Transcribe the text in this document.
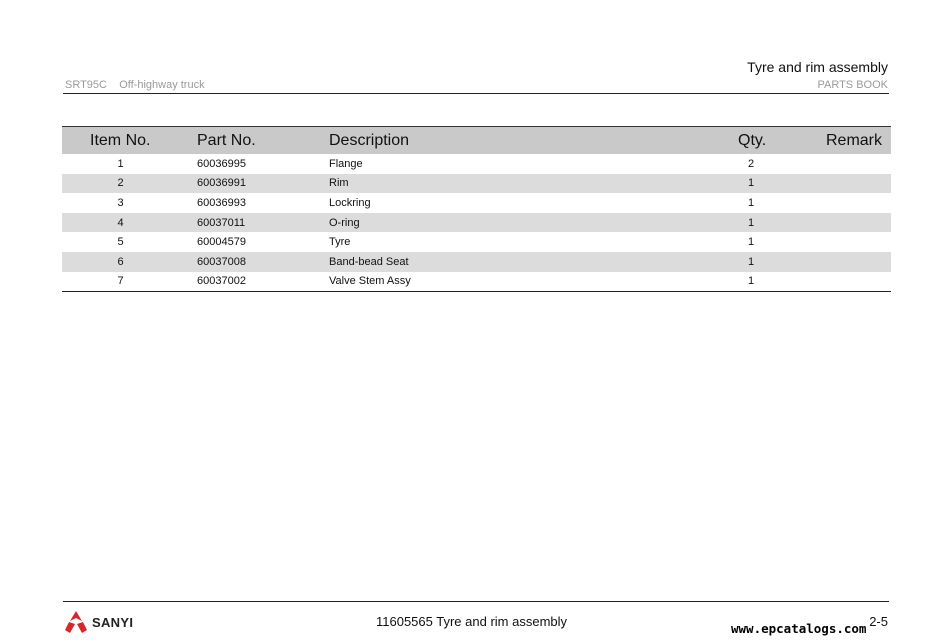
Tyre and rim assembly
SRT95C    Off-highway truck	PARTS BOOK
Item No.	Part No.	Description	Qty.	Remark
1	60036995	Flange	2	
2	60036991	Rim	1	
3	60036993	Lockring	1	
4	60037011	O-ring	1	
5	60004579	Tyre	1	
6	60037008	Band-bead Seat	1	
7	60037002	Valve Stem Assy	1	
SANYI	11605565 Tyre and rim assembly	2-5
www.epcatalogs.com
